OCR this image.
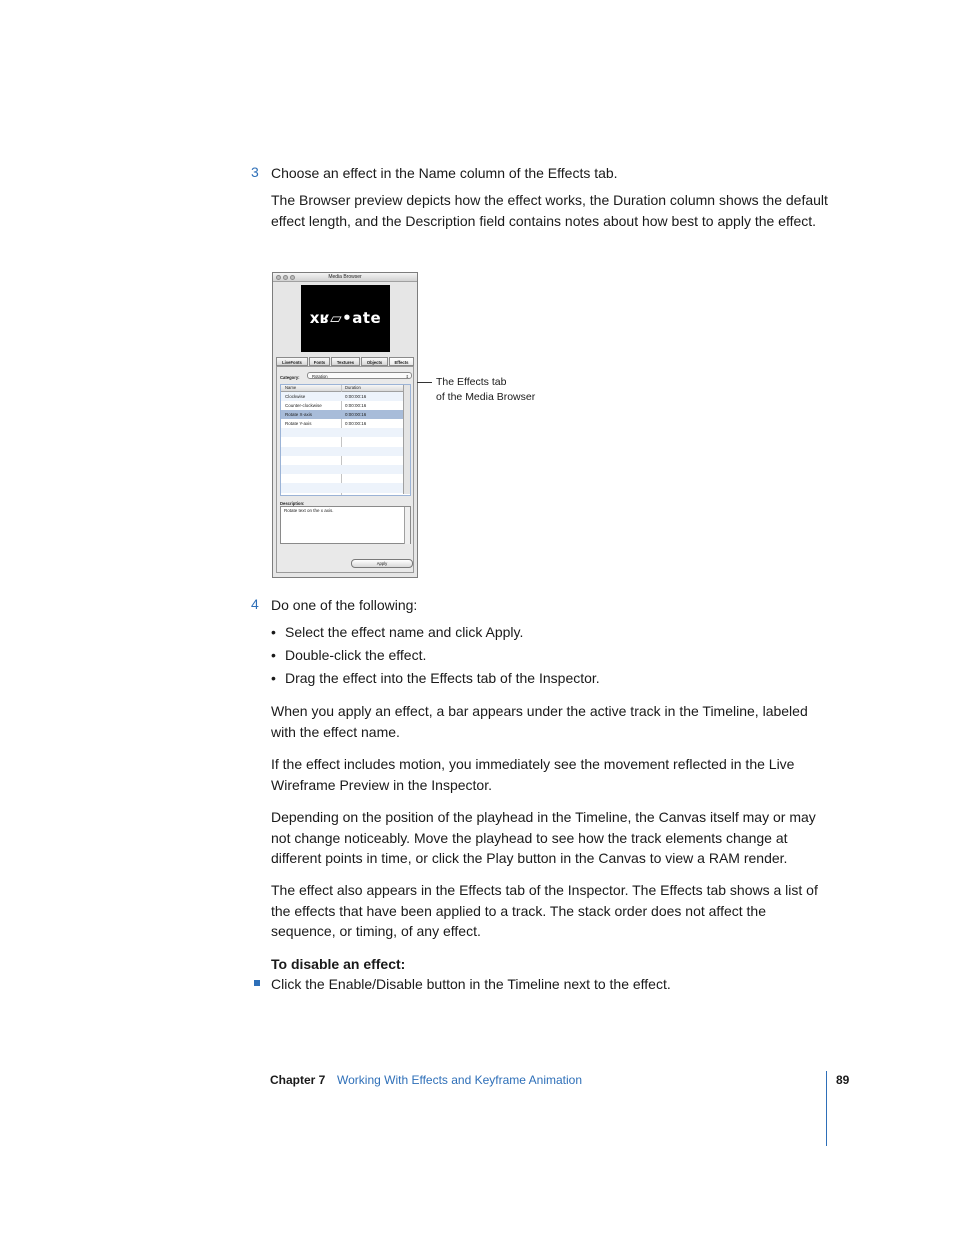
3 Choose an effect in the Name column of the Effects tab.

The Browser preview depicts how the effect works, the Duration column shows the default effect length, and the Description field contains notes about how best to apply the effect.

Media Browser
xʁ▱•ate
LiveFonts	Fonts	Textures	Objects	Effects
Category:	Rotation	⇕
Name	Duration
Clockwise	0:00:00:16
Counter-clockwise	0:00:00:16
Rotate X-axis	0:00:00:16
Rotate Y-axis	0:00:00:16
Description:
Rotate text on the x axis.
Apply
The Effects tab
of the Media Browser
4 Do one of the following:

• Select the effect name and click Apply.
• Double-click the effect.
• Drag the effect into the Effects tab of the Inspector.

When you apply an effect, a bar appears under the active track in the Timeline, labeled with the effect name.

If the effect includes motion, you immediately see the movement reflected in the Live Wireframe Preview in the Inspector.

Depending on the position of the playhead in the Timeline, the Canvas itself may or may not change noticeably. Move the playhead to see how the track elements change at different points in time, or click the Play button in the Canvas to view a RAM render.

The effect also appears in the Effects tab of the Inspector. The Effects tab shows a list of the effects that have been applied to a track. The stack order does not affect the sequence, or timing, of any effect.

To disable an effect:

Click the Enable/Disable button in the Timeline next to the effect.

Chapter 7 Working With Effects and Keyframe Animation	89
